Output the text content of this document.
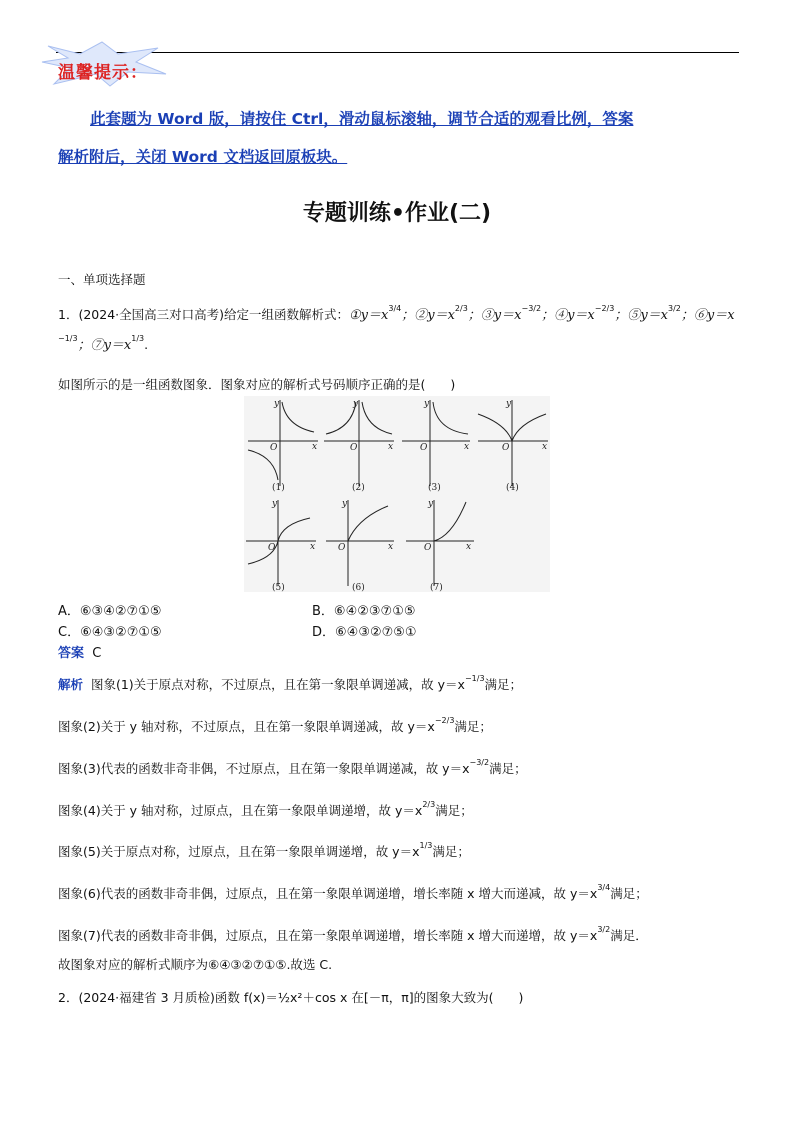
温馨提示：
此套题为 Word 版，请按住 Ctrl，滑动鼠标滚轴，调节合适的观看比例，答案
解析附后，关闭 Word 文档返回原板块。
专题训练•作业(二)
一、单项选择题
1．(2024·全国高三对口高考)给定一组函数解析式：$①y=x^{3/4}$；$②y=x^{2/3}$；$③y=x^{-3/2}$；$④y=x^{-2/3}$；$⑤y=x^{3/2}$；⑥y＝x
$^{-1/3}$；$⑦y=x^{1/3}$.
如图所示的是一组函数图象．图象对应的解析式号码顺序正确的是(　　)
y
O	x
y
O	x
y
O	x
y
O	x
y
O	x
y
O	x
y
O	x
(1)	(2)	(3)	(4)
(5)	(6)	(7)
A．⑥③④②⑦①⑤	B．⑥④②③⑦①⑤
C．⑥④③②⑦①⑤	D．⑥④③②⑦⑤①
答案 C
解析 图象(1)关于原点对称，不过原点，且在第一象限单调递减，故 $y=x^{-1/3}$满足；
图象(2)关于 y 轴对称，不过原点，且在第一象限单调递减，故 $y=x^{-2/3}$满足；
图象(3)代表的函数非奇非偶，不过原点，且在第一象限单调递减，故 $y=x^{-3/2}$满足；
图象(4)关于 y 轴对称，过原点，且在第一象限单调递增，故 $y=x^{2/3}$满足；
图象(5)关于原点对称，过原点，且在第一象限单调递增，故 $y=x^{1/3}$满足；
图象(6)代表的函数非奇非偶，过原点，且在第一象限单调递增，增长率随 x 增大而递减，故 $y=x^{3/4}$满足；
图象(7)代表的函数非奇非偶，过原点，且在第一象限单调递增，增长率随 x 增大而递增，故 $y=x^{3/2}$满足．
故图象对应的解析式顺序为⑥④③②⑦①⑤.故选 C.
2．(2024·福建省 3 月质检)函数 f(x)＝½x²＋cos x 在[－π，π]的图象大致为(　　)
